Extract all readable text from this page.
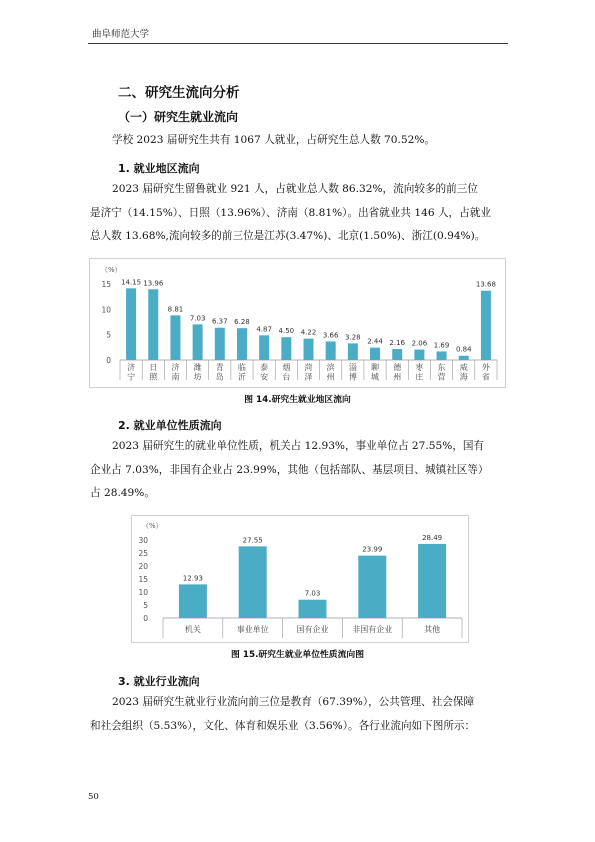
曲阜师范大学
二、研究生流向分析
（一）研究生就业流向
学校 2023 届研究生共有 1067 人就业，占研究生总人数 70.52%。
1. 就业地区流向
2023 届研究生留鲁就业 921 人，占就业总人数 86.32%，流向较多的前三位
是济宁（14.15%）、日照（13.96%）、济南（8.81%）。出省就业共 146 人，占就业
总人数 13.68%,流向较多的前三位是江苏(3.47%)、北京(1.50%)、浙江(0.94%)。
（%）
0
5
10
15 14.15
济
宁
13.96
日
照
8.81
济
南
7.03
潍
坊
6.37
青
岛
6.28
临
沂
4.87
泰
安
4.50
烟
台
4.22
菏
泽
3.66
滨
州
3.28
淄
博
2.44
聊
城
2.16
德
州
2.06
枣
庄
1.69
东
营
0.84
威
海
13.68
外
省
图 14.研究生就业地区流向
2. 就业单位性质流向
2023 届研究生的就业单位性质，机关占 12.93%，事业单位占 27.55%，国有
企业占 7.03%，非国有企业占 23.99%，其他（包括部队、基层项目、城镇社区等）
占 28.49%。
（%）
0
5
10
15
20
25
30
12.93
机关
27.55
事业单位
7.03
国有企业
23.99
非国有企业
28.49
其他
图 15.研究生就业单位性质流向图
3. 就业行业流向
2023 届研究生就业行业流向前三位是教育（67.39%），公共管理、社会保障
和社会组织（5.53%），文化、体育和娱乐业（3.56%）。各行业流向如下图所示：
50
